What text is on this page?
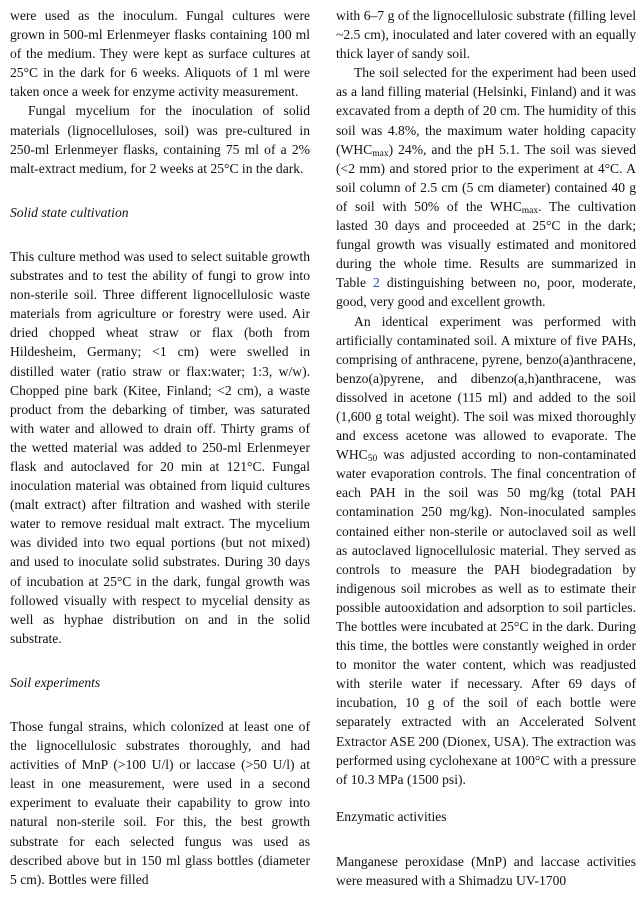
were used as the inoculum. Fungal cultures were grown in 500-ml Erlenmeyer flasks containing 100 ml of the medium. They were kept as surface cultures at 25°C in the dark for 6 weeks. Aliquots of 1 ml were taken once a week for enzyme activity measurement.

Fungal mycelium for the inoculation of solid materials (lignocelluloses, soil) was pre-cultured in 250-ml Erlenmeyer flasks, containing 75 ml of a 2% malt-extract medium, for 2 weeks at 25°C in the dark.

Solid state cultivation

This culture method was used to select suitable growth substrates and to test the ability of fungi to grow into non-sterile soil. Three different lignocellulosic waste materials from agriculture or forestry were used. Air dried chopped wheat straw or flax (both from Hildesheim, Germany; <1 cm) were swelled in distilled water (ratio straw or flax:water; 1:3, w/w). Chopped pine bark (Kitee, Finland; <2 cm), a waste product from the debarking of timber, was saturated with water and allowed to drain off. Thirty grams of the wetted material was added to 250-ml Erlenmeyer flask and autoclaved for 20 min at 121°C. Fungal inoculation material was obtained from liquid cultures (malt extract) after filtration and washed with sterile water to remove residual malt extract. The mycelium was divided into two equal portions (but not mixed) and used to inoculate solid substrates. During 30 days of incubation at 25°C in the dark, fungal growth was followed visually with respect to mycelial density as well as hyphae distribution on and in the solid substrate.

Soil experiments

Those fungal strains, which colonized at least one of the lignocellulosic substrates thoroughly, and had activities of MnP (>100 U/l) or laccase (>50 U/l) at least in one measurement, were used in a second experiment to evaluate their capability to grow into natural non-sterile soil. For this, the best growth substrate for each selected fungus was used as described above but in 150 ml glass bottles (diameter 5 cm). Bottles were filled

with 6–7 g of the lignocellulosic substrate (filling level ~2.5 cm), inoculated and later covered with an equally thick layer of sandy soil.

The soil selected for the experiment had been used as a land filling material (Helsinki, Finland) and it was excavated from a depth of 20 cm. The humidity of this soil was 4.8%, the maximum water holding capacity $(WHC_{max})$ 24%, and the pH 5.1. The soil was sieved (<2 mm) and stored prior to the experiment at 4°C. A soil column of 2.5 cm (5 cm diameter) contained 40 g of soil with 50% of the $WHC_{max}$. The cultivation lasted 30 days and proceeded at 25°C in the dark; fungal growth was visually estimated and monitored during the whole time. Results are summarized in Table 2 distinguishing between no, poor, moderate, good, very good and excellent growth.

An identical experiment was performed with artificially contaminated soil. A mixture of five PAHs, comprising of anthracene, pyrene, benzo(a)anthracene, benzo(a)pyrene, and dibenzo(a,h)anthracene, was dissolved in acetone (115 ml) and added to the soil (1,600 g total weight). The soil was mixed thoroughly and excess acetone was allowed to evaporate. The $WHC_{50}$ was adjusted according to non-contaminated water evaporation controls. The final concentration of each PAH in the soil was 50 mg/kg (total PAH contamination 250 mg/kg). Non-inoculated samples contained either non-sterile or autoclaved soil as well as autoclaved lignocellulosic material. They served as controls to measure the PAH biodegradation by indigenous soil microbes as well as to estimate their possible autooxidation and adsorption to soil particles. The bottles were incubated at 25°C in the dark. During this time, the bottles were constantly weighed in order to monitor the water content, which was readjusted with sterile water if necessary. After 69 days of incubation, 10 g of the soil of each bottle were separately extracted with an Accelerated Solvent Extractor ASE 200 (Dionex, USA). The extraction was performed using cyclohexane at 100°C with a pressure of 10.3 MPa (1500 psi).

Enzymatic activities

Manganese peroxidase (MnP) and laccase activities were measured with a Shimadzu UV-1700
